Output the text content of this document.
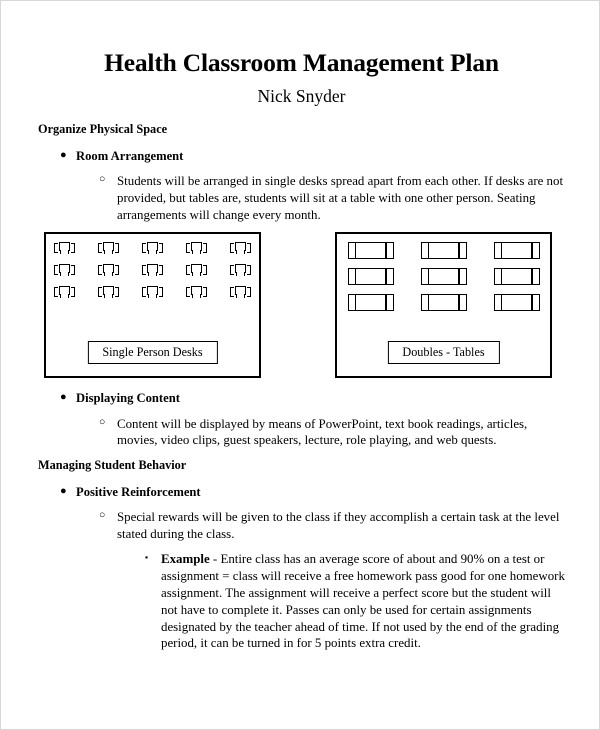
Health Classroom Management Plan
Nick Snyder
Organize Physical Space
● Room Arrangement
○ Students will be arranged in single desks spread apart from each other. If desks are not provided, but tables are, students will sit at a table with one other person. Seating arrangements will change every month.
Single Person Desks	Doubles - Tables
● Displaying Content
○ Content will be displayed by means of PowerPoint, text book readings, articles, movies, video clips, guest speakers, lecture, role playing, and web quests.
Managing Student Behavior
● Positive Reinforcement
○ Special rewards will be given to the class if they accomplish a certain task at the level stated during the class.
▪ Example - Entire class has an average score of about and 90% on a test or assignment = class will receive a free homework pass good for one homework assignment. The assignment will receive a perfect score but the student will not have to complete it. Passes can only be used for certain assignments designated by the teacher ahead of time. If not used by the end of the grading period, it can be turned in for 5 points extra credit.
